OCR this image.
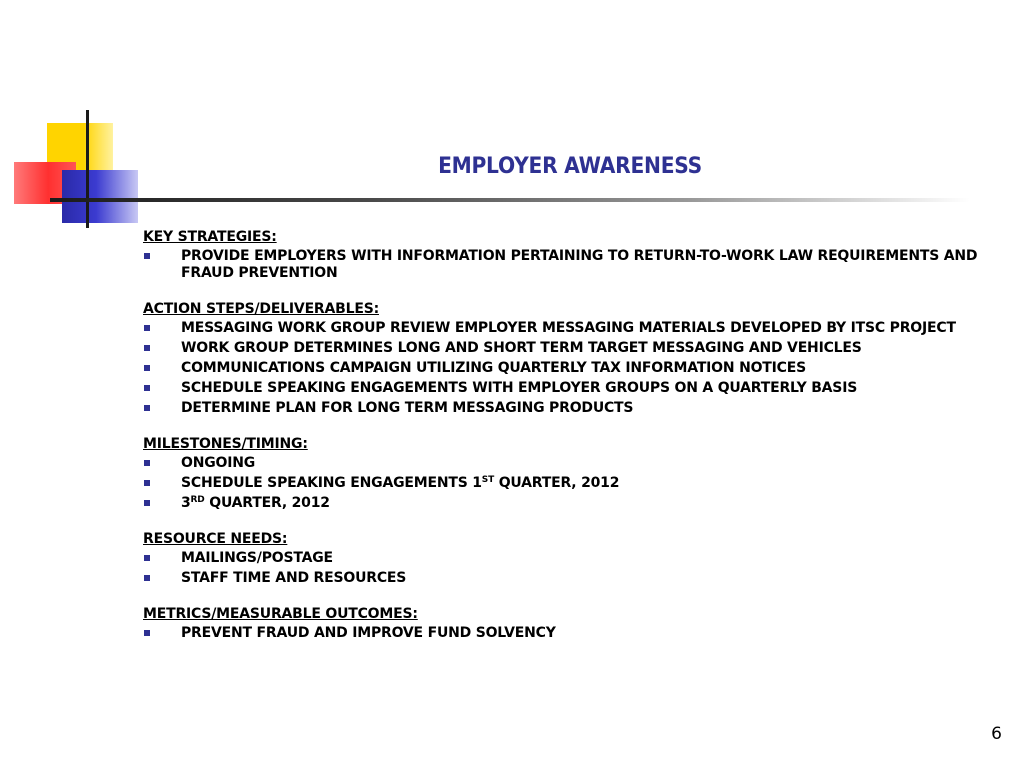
EMPLOYER AWARENESS
KEY STRATEGIES:
PROVIDE EMPLOYERS WITH INFORMATION PERTAINING TO RETURN-TO-WORK LAW REQUIREMENTS AND FRAUD PREVENTION
ACTION STEPS/DELIVERABLES:
MESSAGING WORK GROUP REVIEW EMPLOYER MESSAGING MATERIALS DEVELOPED BY ITSC PROJECT
WORK GROUP DETERMINES LONG AND SHORT TERM TARGET MESSAGING AND VEHICLES
COMMUNICATIONS CAMPAIGN UTILIZING QUARTERLY TAX INFORMATION NOTICES
SCHEDULE SPEAKING ENGAGEMENTS WITH EMPLOYER GROUPS ON A QUARTERLY BASIS
DETERMINE PLAN FOR LONG TERM MESSAGING PRODUCTS
MILESTONES/TIMING:
ONGOING
SCHEDULE SPEAKING ENGAGEMENTS 1ST QUARTER, 2012
3RD QUARTER, 2012
RESOURCE NEEDS:
MAILINGS/POSTAGE
STAFF TIME AND RESOURCES
METRICS/MEASURABLE OUTCOMES:
PREVENT FRAUD AND IMPROVE FUND SOLVENCY
6
